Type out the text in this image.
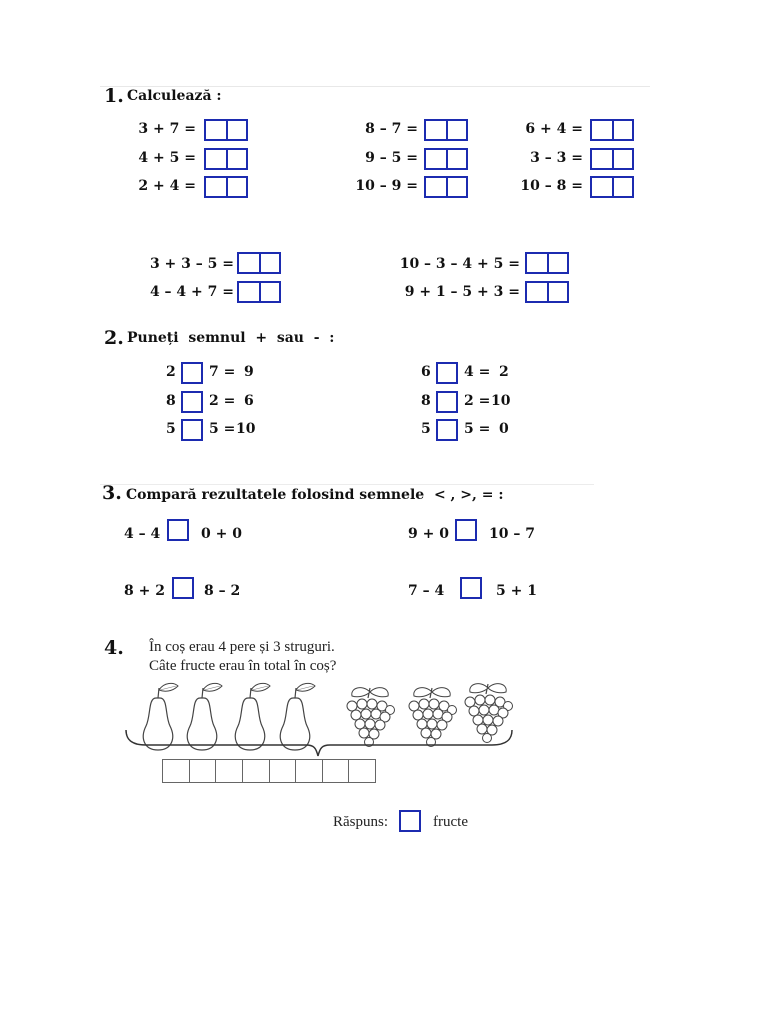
1. Calculează :
3 + 7 =
4 + 5 =
2 + 4 =
8 – 7 =
9 – 5 =
10 – 9 =
6 + 4 =
3 – 3 =
10 – 8 =
3 + 3 – 5 =
4 – 4 + 7 =
10 – 3 – 4 + 5 =
9 + 1 – 5 + 3 =
2. Puneți  semnul  +  sau  -  :
2 7 = 9
8 2 = 6
5 5 = 10
6 4 = 2
8 2 = 10
5 5 = 0
3. Compară rezultatele folosind semnele  < , >, = :
4 – 4	0 + 0	9 + 0	10 – 7
8 + 2	8 – 2	7 – 4	5 + 1
4. În coș erau 4 pere și 3 struguri.
Câte fructe erau în total în coș?
Răspuns:	fructe
